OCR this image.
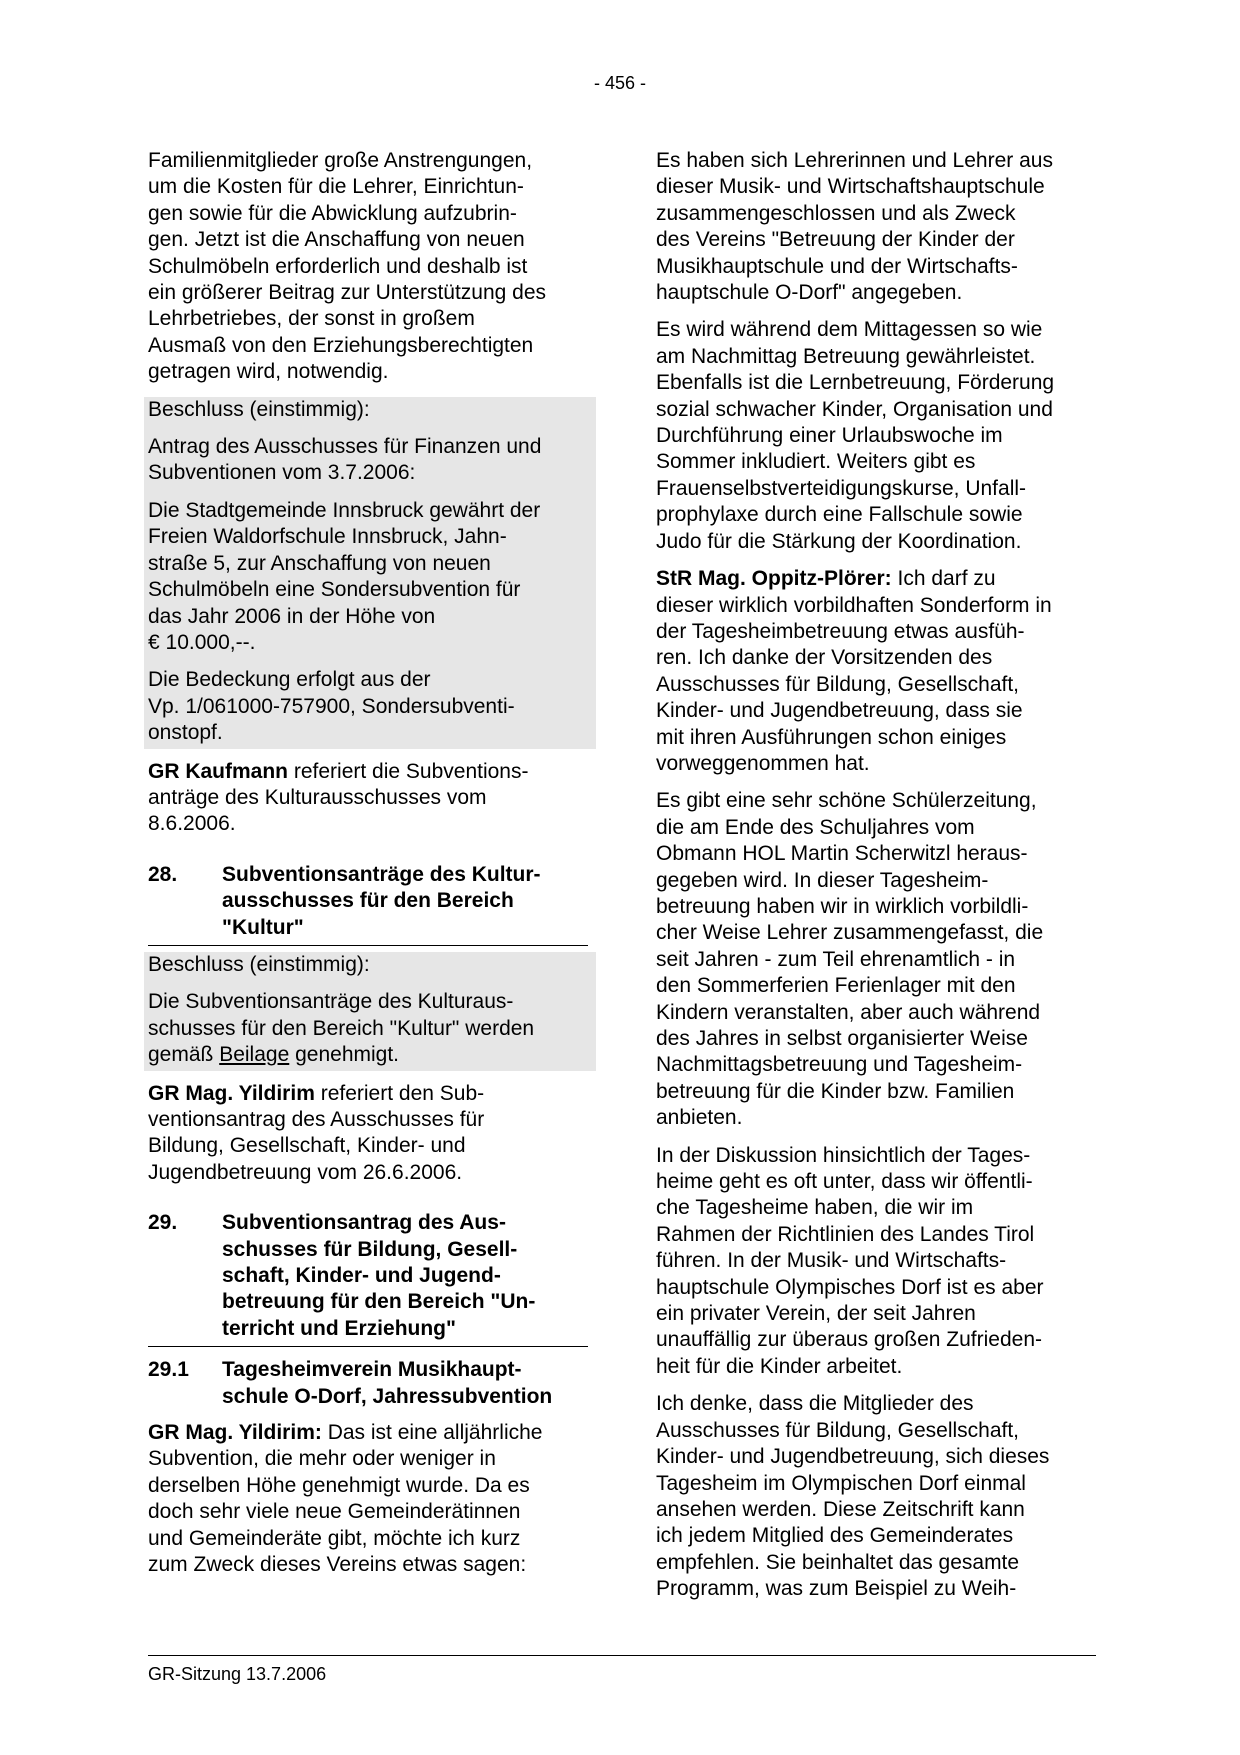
- 456 -

Familienmitglieder große Anstrengungen,
um die Kosten für die Lehrer, Einrichtun-
gen sowie für die Abwicklung aufzubrin-
gen. Jetzt ist die Anschaffung von neuen
Schulmöbeln erforderlich und deshalb ist
ein größerer Beitrag zur Unterstützung des
Lehrbetriebes, der sonst in großem
Ausmaß von den Erziehungsberechtigten
getragen wird, notwendig.

Beschluss (einstimmig):

Antrag des Ausschusses für Finanzen und
Subventionen vom 3.7.2006:

Die Stadtgemeinde Innsbruck gewährt der
Freien Waldorfschule Innsbruck, Jahn-
straße 5, zur Anschaffung von neuen
Schulmöbeln eine Sondersubvention für
das Jahr 2006 in der Höhe von
€ 10.000,--.

Die Bedeckung erfolgt aus der
Vp. 1/061000-757900, Sondersubventi-
onstopf.

GR Kaufmann referiert die Subventions-
anträge des Kulturausschusses vom
8.6.2006.

28.	Subventionsanträge des Kultur-
ausschusses für den Bereich
"Kultur"

Beschluss (einstimmig):

Die Subventionsanträge des Kulturaus-
schusses für den Bereich "Kultur" werden
gemäß Beilage genehmigt.

GR Mag. Yildirim referiert den Sub-
ventionsantrag des Ausschusses für
Bildung, Gesellschaft, Kinder- und
Jugendbetreuung vom 26.6.2006.

29.	Subventionsantrag des Aus-
schusses für Bildung, Gesell-
schaft, Kinder- und Jugend-
betreuung für den Bereich "Un-
terricht und Erziehung"
29.1	Tagesheimverein Musikhaupt-
schule O-Dorf, Jahressubvention

GR Mag. Yildirim: Das ist eine alljährliche
Subvention, die mehr oder weniger in
derselben Höhe genehmigt wurde. Da es
doch sehr viele neue Gemeinderätinnen
und Gemeinderäte gibt, möchte ich kurz
zum Zweck dieses Vereins etwas sagen:

Es haben sich Lehrerinnen und Lehrer aus
dieser Musik- und Wirtschaftshauptschule
zusammengeschlossen und als Zweck
des Vereins "Betreuung der Kinder der
Musikhauptschule und der Wirtschafts-
hauptschule O-Dorf" angegeben.

Es wird während dem Mittagessen so wie
am Nachmittag Betreuung gewährleistet.
Ebenfalls ist die Lernbetreuung, Förderung
sozial schwacher Kinder, Organisation und
Durchführung einer Urlaubswoche im
Sommer inkludiert. Weiters gibt es
Frauenselbstverteidigungskurse, Unfall-
prophylaxe durch eine Fallschule sowie
Judo für die Stärkung der Koordination.

StR Mag. Oppitz-Plörer: Ich darf zu
dieser wirklich vorbildhaften Sonderform in
der Tagesheimbetreuung etwas ausfüh-
ren. Ich danke der Vorsitzenden des
Ausschusses für Bildung, Gesellschaft,
Kinder- und Jugendbetreuung, dass sie
mit ihren Ausführungen schon einiges
vorweggenommen hat.

Es gibt eine sehr schöne Schülerzeitung,
die am Ende des Schuljahres vom
Obmann HOL Martin Scherwitzl heraus-
gegeben wird. In dieser Tagesheim-
betreuung haben wir in wirklich vorbildli-
cher Weise Lehrer zusammengefasst, die
seit Jahren - zum Teil ehrenamtlich - in
den Sommerferien Ferienlager mit den
Kindern veranstalten, aber auch während
des Jahres in selbst organisierter Weise
Nachmittagsbetreuung und Tagesheim-
betreuung für die Kinder bzw. Familien
anbieten.

In der Diskussion hinsichtlich der Tages-
heime geht es oft unter, dass wir öffentli-
che Tagesheime haben, die wir im
Rahmen der Richtlinien des Landes Tirol
führen. In der Musik- und Wirtschafts-
hauptschule Olympisches Dorf ist es aber
ein privater Verein, der seit Jahren
unauffällig zur überaus großen Zufrieden-
heit für die Kinder arbeitet.

Ich denke, dass die Mitglieder des
Ausschusses für Bildung, Gesellschaft,
Kinder- und Jugendbetreuung, sich dieses
Tagesheim im Olympischen Dorf einmal
ansehen werden. Diese Zeitschrift kann
ich jedem Mitglied des Gemeinderates
empfehlen. Sie beinhaltet das gesamte
Programm, was zum Beispiel zu Weih-

GR-Sitzung 13.7.2006
